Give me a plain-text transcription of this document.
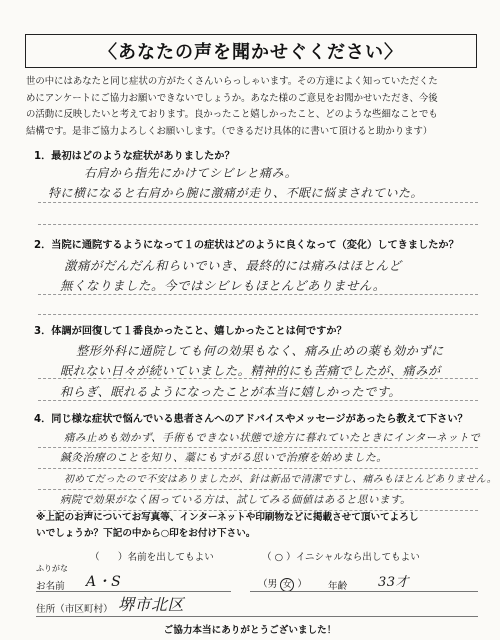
〈あなたの声を聞かせぐください〉
世の中にはあなたと同じ症状の方がたくさんいらっしゃいます。その方達によく知っていただくた
めにアンケートにご協力お願いできないでしょうか。あなた様のご意見をお聞かせいただき、今後
の活動に反映したいと考えております。良かったこと嬉しかったこと、どのような些細なことでも
結構です。是非ご協力よろしくお願いします。（できるだけ具体的に書いて頂けると助かります）
1．最初はどのような症状がありましたか？
右肩から指先にかけてシビレと痛み。
特に横になると右肩から腕に激痛が走り、不眠に悩まされていた。
2．当院に通院するようになって１の症状はどのように良くなって（変化）してきましたか？
激痛がだんだん和らいでいき、最終的には痛みはほとんど
無くなりました。今ではシビレもほとんどありません。
3．体調が回復して１番良かったこと、嬉しかったことは何ですか？
整形外科に通院しても何の効果もなく、痛み止めの薬も効かずに
眠れない日々が続いていました。精神的にも苦痛でしたが、痛みが
和らぎ、眠れるようになったことが本当に嬉しかったです。
4．同じ様な症状で悩んでいる患者さんへのアドバイスやメッセージがあったら教えて下さい？
痛み止めも効かず、手術もできない状態で途方に暮れていたときにインターネットで
鍼灸治療のことを知り、藁にもすがる思いで治療を始めました。
初めてだったので不安はありましたが、針は新品で清潔ですし、痛みもほとんどありません。
病院で効果がなく困っている方は、試してみる価値はあると思います。
※上記のお声についてお写真等、インターネットや印刷物などに掲載させて頂いてよろし
いでしょうか？下記の中から○印をお付け下さい。
（      ）名前を出してもよい	（ ○ ）イニシャルなら出してもよい
ふりがな
お名前 A・S	（男 女 ） 年齢 33才
住所（市区町村） 堺市北区
ご協力本当にありがとうございました！
